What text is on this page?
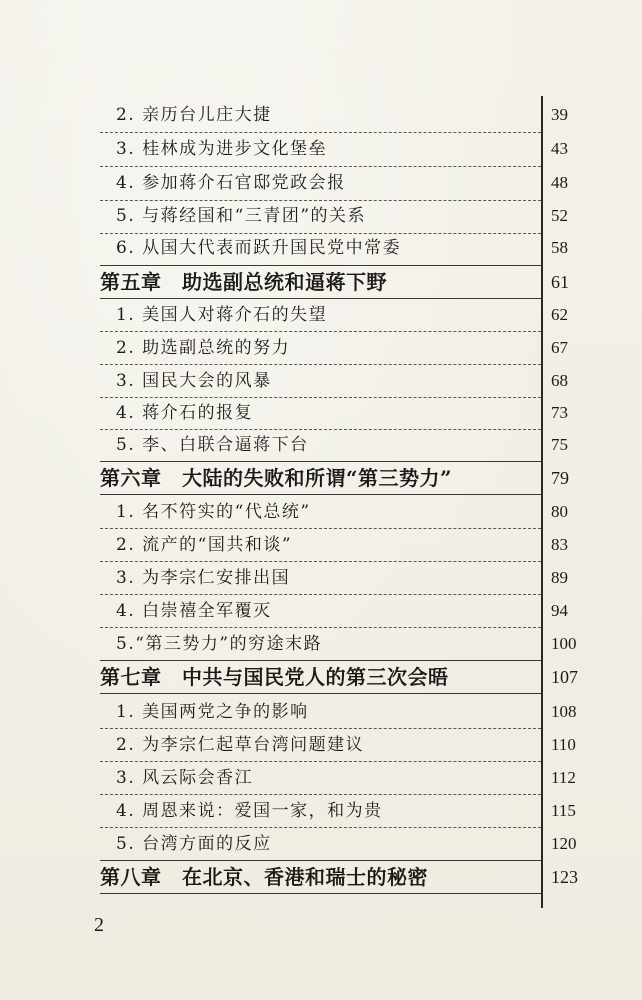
2. 亲历台儿庄大捷	39
3. 桂林成为进步文化堡垒	43
4. 参加蒋介石官邸党政会报	48
5. 与蒋经国和“三青团”的关系	52
6. 从国大代表而跃升国民党中常委	58
第五章　助选副总统和逼蒋下野	61
1. 美国人对蒋介石的失望	62
2. 助选副总统的努力	67
3. 国民大会的风暴	68
4. 蒋介石的报复	73
5. 李、白联合逼蒋下台	75
第六章　大陆的失败和所谓“第三势力”	79
1. 名不符实的“代总统”	80
2. 流产的“国共和谈”	83
3. 为李宗仁安排出国	89
4. 白崇禧全军覆灭	94
5.“第三势力”的穷途末路	100
第七章　中共与国民党人的第三次会晤	107
1. 美国两党之争的影响	108
2. 为李宗仁起草台湾问题建议	110
3. 风云际会香江	112
4. 周恩来说：爱国一家，和为贵	115
5. 台湾方面的反应	120
第八章　在北京、香港和瑞士的秘密	123
2
